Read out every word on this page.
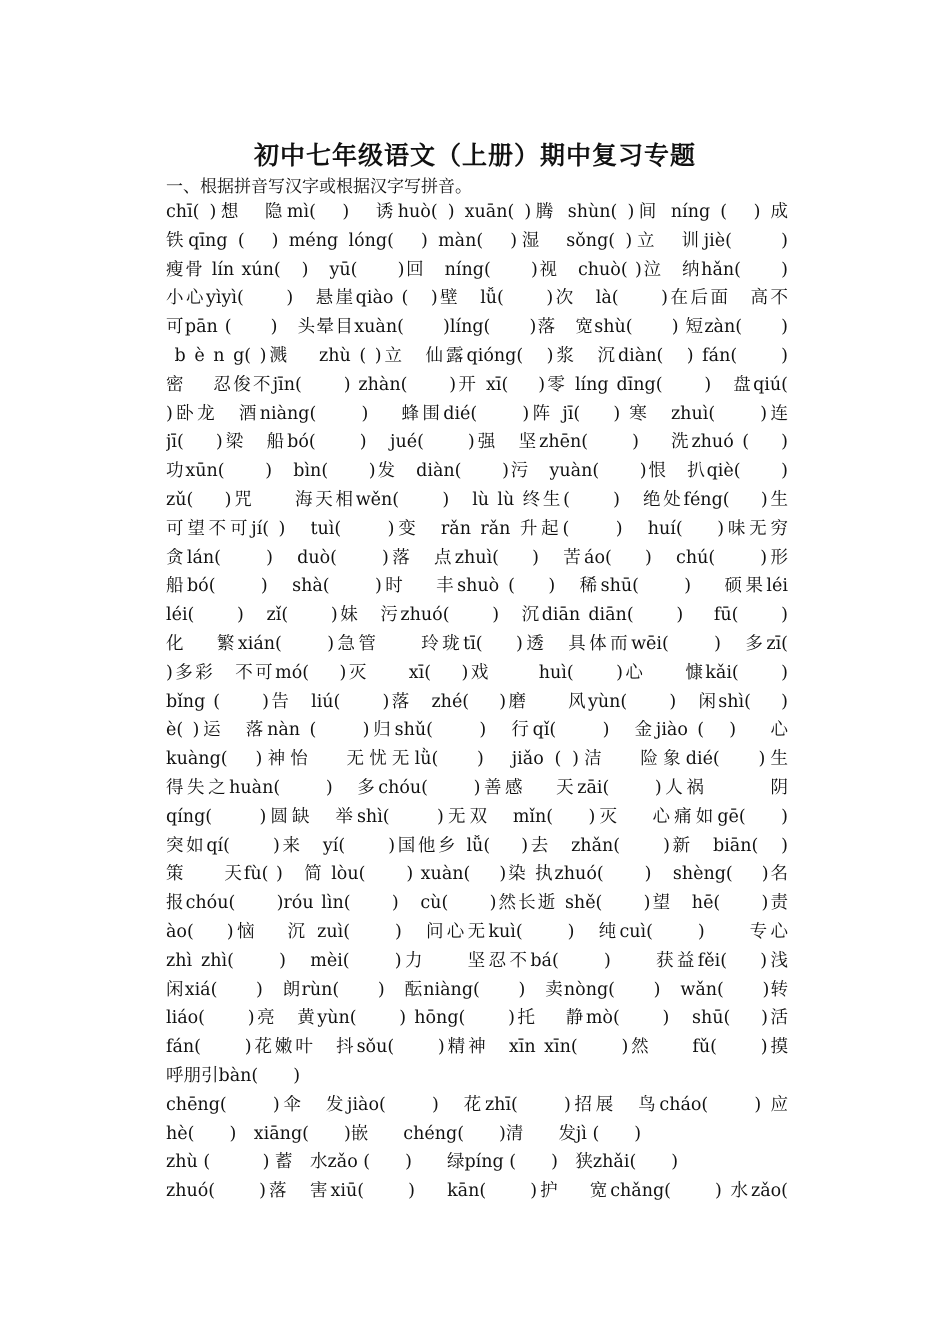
初中七年级语文（上册）期中复习专题
一、根据拼音写汉字或根据汉字写拼音。
chī( )想　隐mì(　)　诱huò( ) xuān( )腾 shùn( )间 níng (　) 成
铁qīng (　) méng lóng(　) màn(　)湿　sǒng( )立　训jiè(　　)
瘦骨 lín xún(　)　yū(　　)回　níng(　　)视　chuò( )泣　纳hǎn(　　)
小心yìyì(　　)　悬崖qiào (　)壁　lǚ(　　)次　là(　　)在后面　高不
可pān (　　)　头晕目xuàn(　　)líng(　　)落　宽shù(　　) 短zàn(　　)
b è n g( )溅　 zhù ( )立　仙露qióng(　)浆　沉diàn(　) fán(　　)
密　 忍俊不jīn(　　) zhàn(　　)开 xī(　 )零 líng dīng(　　)　盘qiú(
)卧龙　酒niàng(　　)　 蜂围dié(　　)阵 jī(　 ) 寒　zhuì(　　)连
jī(　 )梁　船bó(　　)　jué(　　)强　坚zhēn(　　)　 洗zhuó (　 )
功xūn(　　)　bìn(　　)发　diàn(　　)污　yuàn(　　)恨　扒qiè(　　)
zǔ(　 )咒　　海天相wěn(　　)　lù lù 终生(　　)　绝处féng(　 )生
可望不可jí( )　tuì(　　)变　rǎn rǎn 升起(　　)　huí(　 )味无穷
贪lán(　　)　duò(　　)落　点zhuì(　 )　苦áo(　 )　chú(　　)形
船bó(　　)　shà(　　)时　 丰shuò (　 )　稀shū(　　)　 硕果léi
léi(　　)　zǐ(　　)妹　污zhuó(　　)　沉diān diān(　　)　 fū(　　)
化　 繁xián(　　)急管　　玲珑tī(　 )透　具体而wēi(　　)　多zī(
)多彩　不可mó(　 )灭　　xī(　 )戏　　 huì(　　)心　　慷kǎi(　　)
bǐng (　　)告　liú(　　)落　zhé(　 )磨　　风yùn(　　)　闲shì(　 )
è( )运　落nàn (　　)归shǔ(　　)　行qǐ(　　)　金jiào (　)　 心
kuàng(　)神怡　 无忧无lǜ(　 )　jiǎo ( )洁　 险象dié(　 )生
得失之huàn(　　)　多chóu(　　)善感　 天zāi(　　)人祸　　　阴
qíng(　　)圆缺　举shì(　　)无双　mǐn(　 )灭　 心痛如gē(　 )
突如qí(　　)来　yí(　　)国他乡 lǚ(　 )去　zhǎn(　　)新　biān(　)
策　　天fù( )　简 lòu(　　) xuàn(　 )染 执zhuó(　　)　shèng(　 )名
报chóu(　　)róu lìn(　　)　cù(　　)然长逝 shě(　　)望　hē(　　)责
ào(　 )恼　 沉 zuì(　　)　问心无kuì(　　)　纯cuì(　　)　　专心
zhì zhì(　　)　mèi(　　)力　　坚忍不bá(　　)　　获益fěi(　 )浅
闲xiá(　　)　朗rùn(　　)　酝niàng(　　)　卖nòng(　　)　wǎn(　　)转
liáo(　　)亮　黄yùn(　　) hōng(　　)托　 静mò(　　)　shū(　 )活
fán(　　)花嫩叶　抖sǒu(　　)精神　xīn xīn(　　)然　　fǔ(　　)摸
呼朋引bàn(　　)
chēng(　　)伞　发jiào(　　)　花zhī(　　)招展　鸟cháo(　　) 应
hè(　　)　xiāng(　　)嵌　　chéng(　　)清　　发jì (　　)
zhù (　　　) 蓄　水zǎo (　　)　　绿píng (　　)　狭zhǎi(　　)
zhuó(　　)落　害xiū(　　)　 kān(　　)护　 宽chǎng(　　) 水zǎo(
